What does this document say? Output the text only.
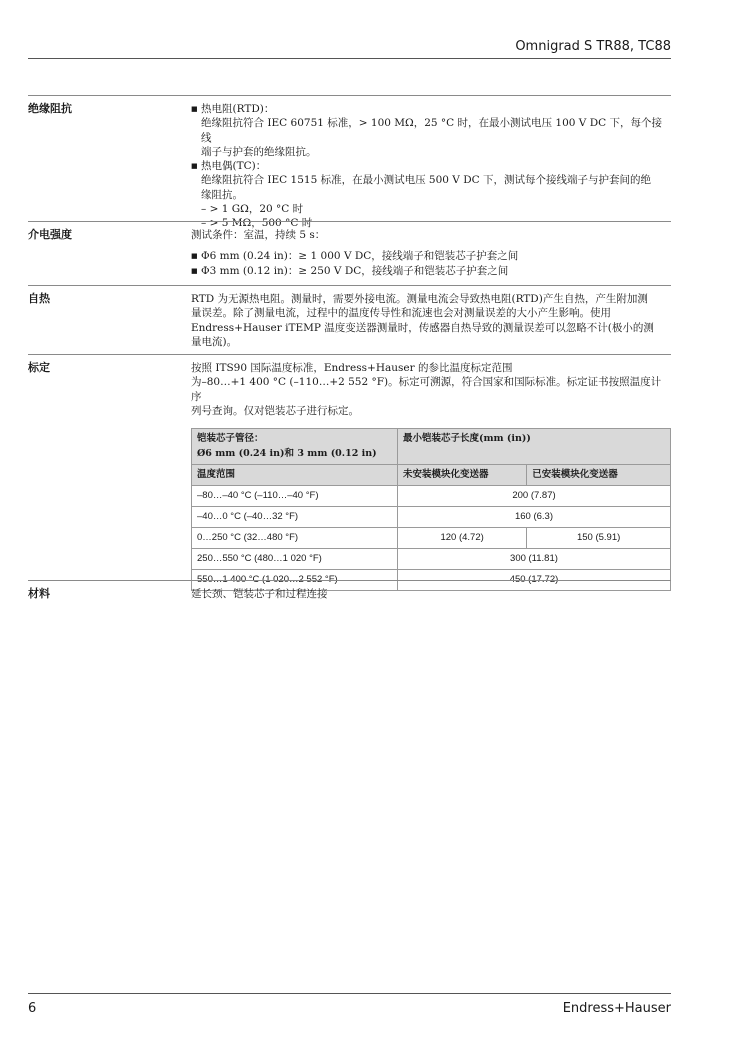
Omnigrad S TR88, TC88
绝缘阻抗	■ 热电阻(RTD)：
绝缘阻抗符合 IEC 60751 标准，> 100 MΩ，25 °C 时，在最小测试电压 100 V DC 下，每个接线
端子与护套的绝缘阻抗。
■ 热电偶(TC)：
绝缘阻抗符合 IEC 1515 标准，在最小测试电压 500 V DC 下，测试每个接线端子与护套间的绝
缘阻抗。
– > 1 GΩ，20 °C 时
– > 5 MΩ，500 °C 时
介电强度	测试条件：室温，持续 5 s：
■ Φ6 mm (0.24 in)：≥ 1 000 V DC，接线端子和铠装芯子护套之间
■ Φ3 mm (0.12 in)：≥ 250 V DC，接线端子和铠装芯子护套之间
自热	RTD 为无源热电阻。测量时，需要外接电流。测量电流会导致热电阻(RTD)产生自热，产生附加测
量误差。除了测量电流，过程中的温度传导性和流速也会对测量误差的大小产生影响。使用
Endress+Hauser iTEMP 温度变送器测量时，传感器自热导致的测量误差可以忽略不计(极小的测
量电流)。
标定	按照 ITS90 国际温度标准，Endress+Hauser 的参比温度标定范围
为–80…+1 400 °C (–110…+2 552 °F)。标定可溯源，符合国家和国际标准。标定证书按照温度计序
列号查询。仅对铠装芯子进行标定。
铠装芯子管径：
Ø6 mm (0.24 in)和 3 mm (0.12 in)	最小铠装芯子长度(mm (in))	
温度范围	未安装模块化变送器	已安装模块化变送器
–80…–40 °C (–110…–40 °F)	200 (7.87)	
–40…0 °C (–40…32 °F)	160 (6.3)	
0…250 °C (32…480 °F)	120 (4.72)	150 (5.91)
250…550 °C (480…1 020 °F)	300 (11.81)	
550…1 400 °C (1 020…2 552 °F)	450 (17.72)	
材料	延长颈、铠装芯子和过程连接
6	Endress+Hauser
